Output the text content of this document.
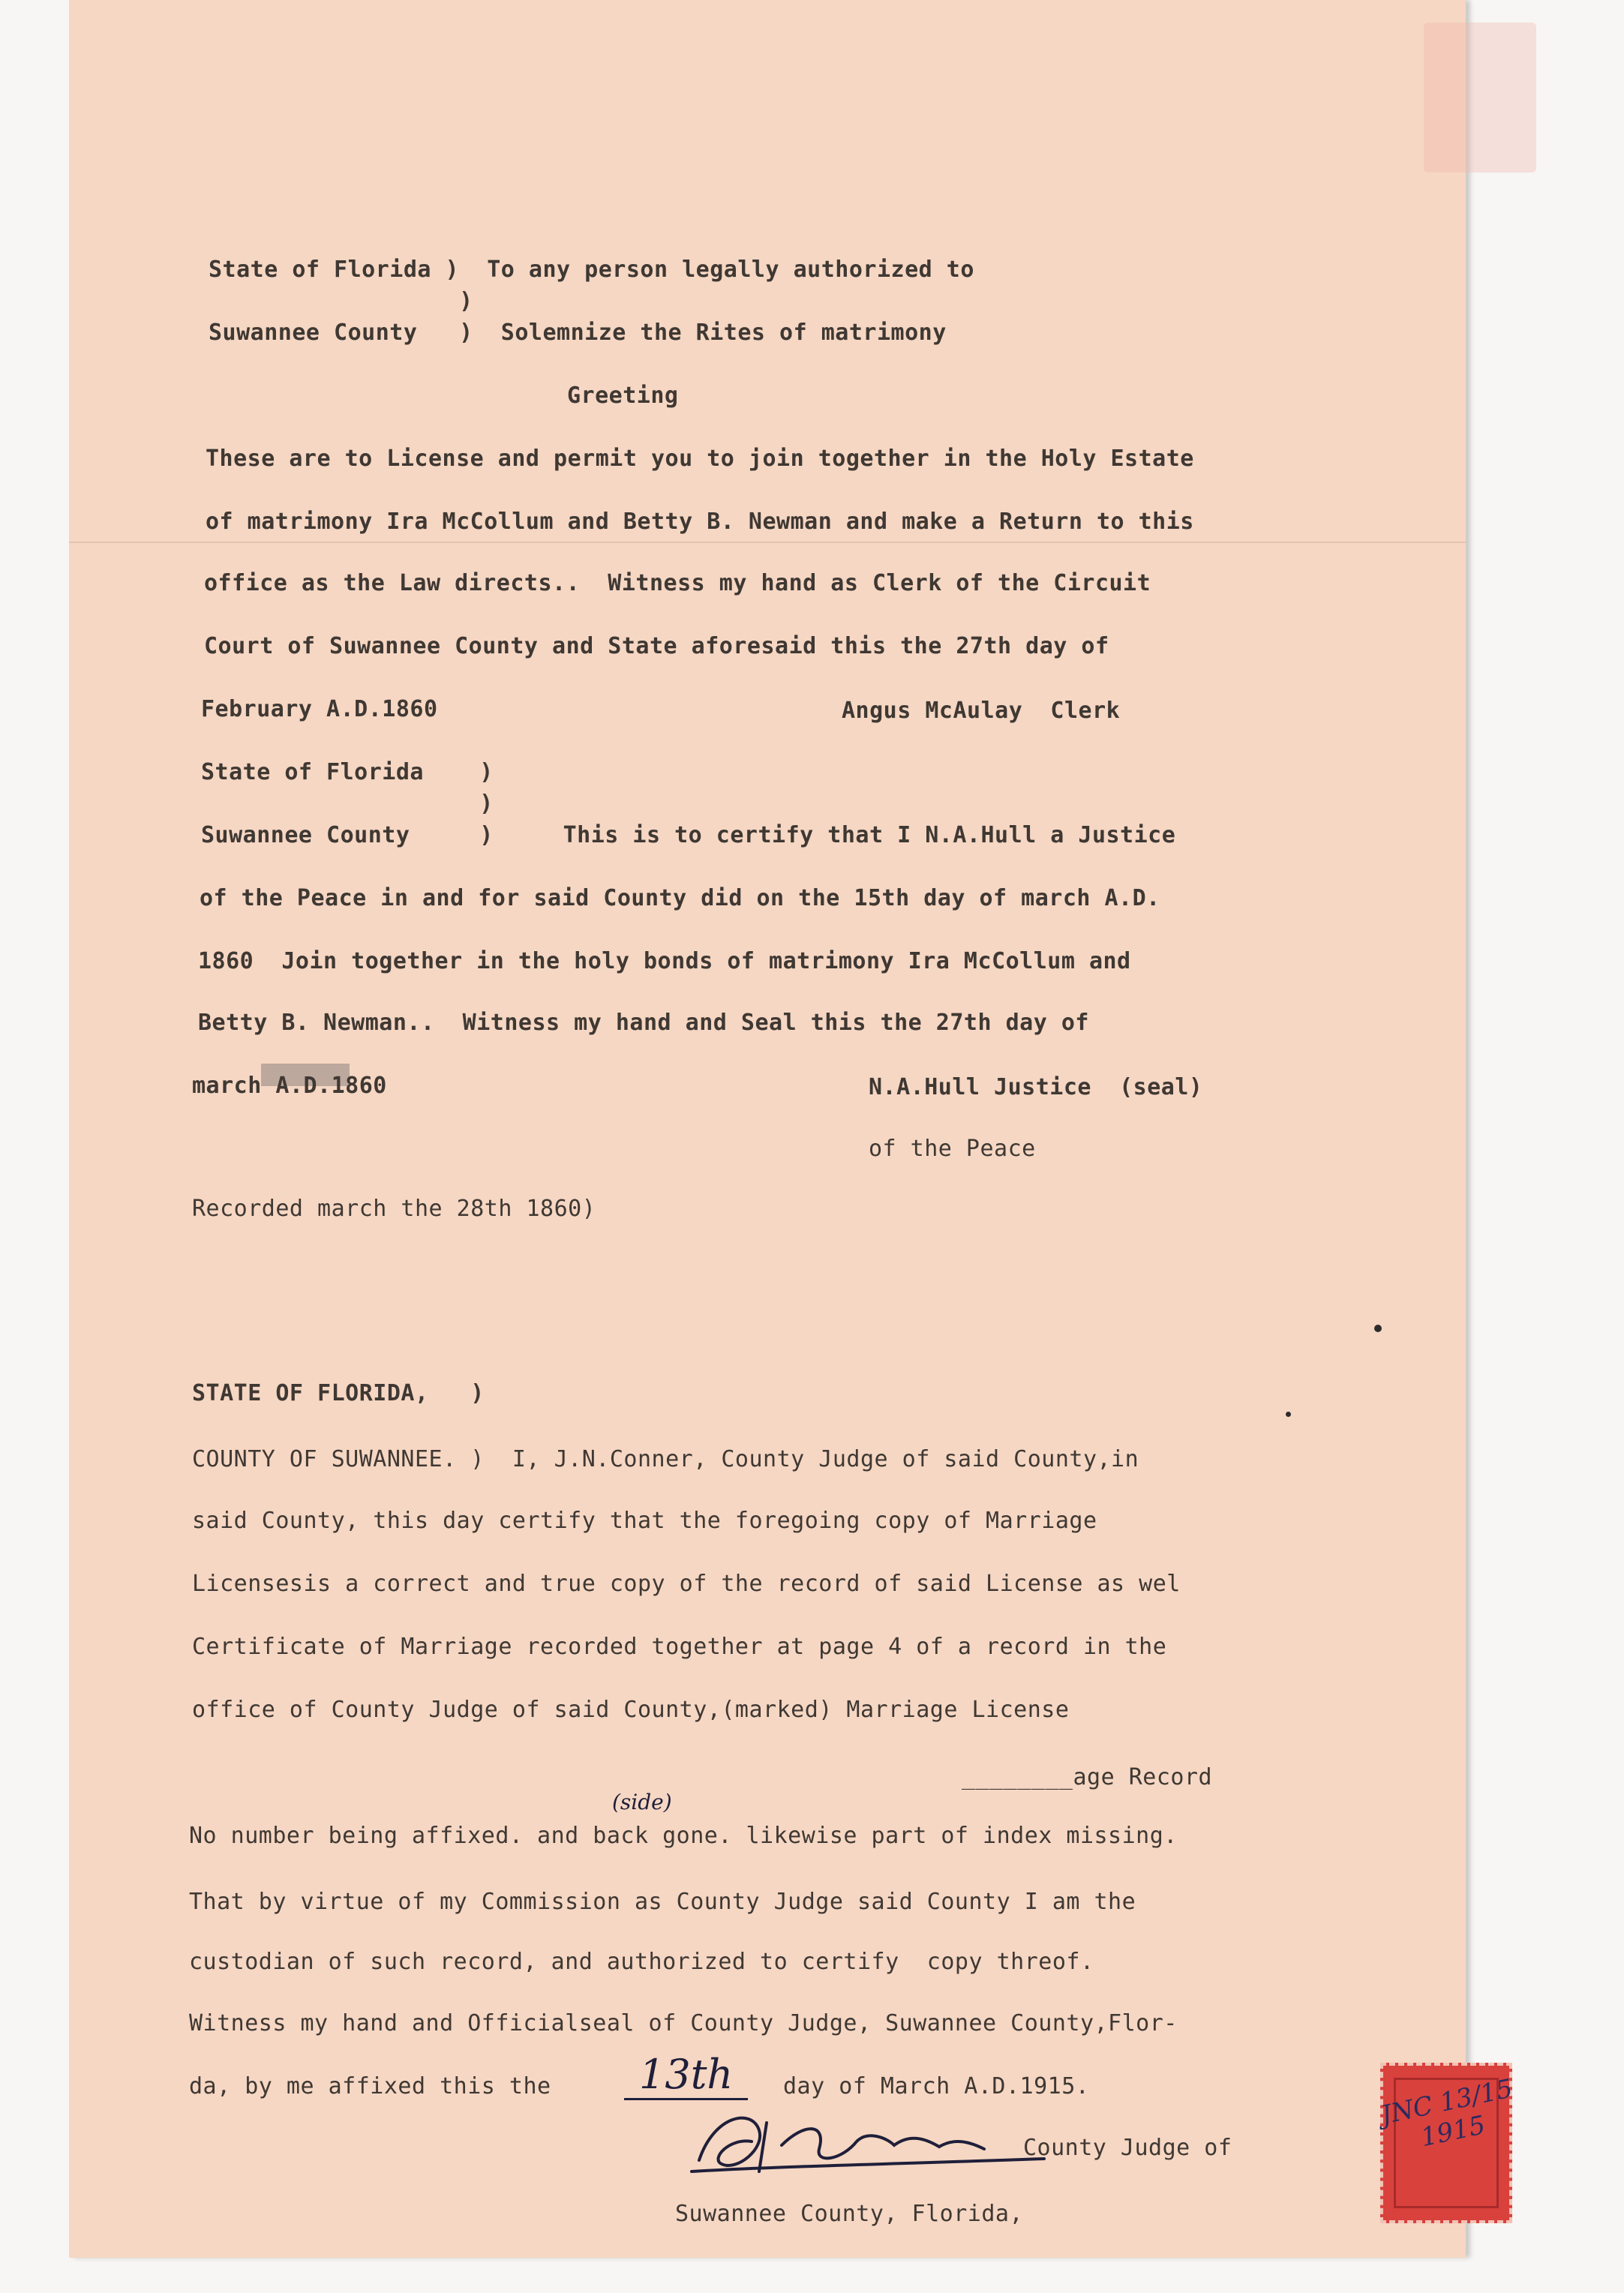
State of Florida )  To any person legally authorized to
)
Suwannee County   )  Solemnize the Rites of matrimony
Greeting
These are to License and permit you to join together in the Holy Estate
of matrimony Ira McCollum and Betty B. Newman and make a Return to this
office as the Law directs..  Witness my hand as Clerk of the Circuit
Court of Suwannee County and State aforesaid this the 27th day of
February A.D.1860	Angus McAulay  Clerk
State of Florida    )
)
Suwannee County     )     This is to certify that I N.A.Hull a Justice
of the Peace in and for said County did on the 15th day of march A.D.
1860  Join together in the holy bonds of matrimony Ira McCollum and
Betty B. Newman..  Witness my hand and Seal this the 27th day of
march A.D.1860	N.A.Hull Justice  (seal)
of the Peace
Recorded march the 28th 1860)
STATE OF FLORIDA,   )
COUNTY OF SUWANNEE. )  I, J.N.Conner, County Judge of said County,in
said County, this day certify that the foregoing copy of Marriage
Licensesis a correct and true copy of the record of said License as wel
Certificate of Marriage recorded together at page 4 of a record in the
office of County Judge of said County,(marked) Marriage License
________age Record
(side)
No number being affixed. and back gone. likewise part of index missing.
That by virtue of my Commission as County Judge said County I am the
custodian of such record, and authorized to certify  copy threof.
Witness my hand and Officialseal of County Judge, Suwannee County,Flor-
da, by me affixed this the	13th	day of March A.D.1915.
County Judge of
Suwannee County, Florida,
JNC 13/15 1915
